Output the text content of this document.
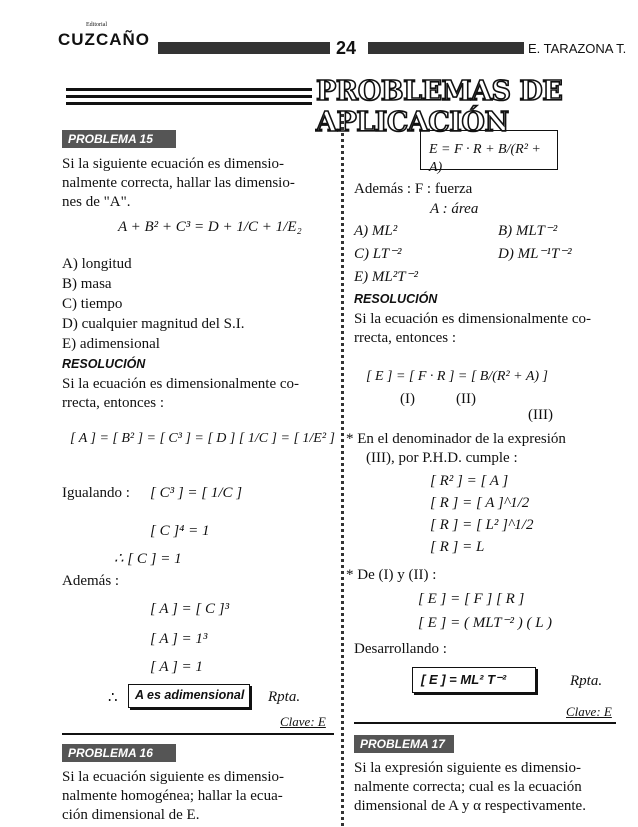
Editorial
CUZCAÑO	24	E. TARAZONA T.
PROBLEMAS DE APLICACIÓN
PROBLEMA 15
Si la siguiente ecuación es dimensio-
nalmente correcta, hallar las dimensio-
nes de "A".
A + B² + C³ = D + 1/C + 1/E₂
A) longitud
B) masa
C) tiempo
D) cualquier magnitud del S.I.
E) adimensional
RESOLUCIÓN
Si la ecuación es dimensionalmente co-
rrecta, entonces :
[ A ] = [ B² ] = [ C³ ] = [ D ] [ 1/C ] = [ 1/E² ]
Igualando : [ C³ ] = [ 1/C ]
[ C ]⁴ = 1
∴ [ C ] = 1
Además :
[ A ] = [ C ]³
[ A ] = 1³
[ A ] = 1
∴ A es adimensional Rpta.
Clave: E
PROBLEMA 16
Si la ecuación siguiente es dimensio-
nalmente homogénea; hallar la ecua-
ción dimensional de E.
E = F · R + B/(R² + A)
Además : F : fuerza
A : área
A) ML²	B) MLT⁻²
C) LT⁻²	D) ML⁻¹T⁻²
E) ML²T⁻²
RESOLUCIÓN
Si la ecuación es dimensionalmente co-
rrecta, entonces :
[ E ] = [ F · R ] = [ B/(R² + A) ]
(I)	(II)
(III)
* En el denominador de la expresión
(III), por P.H.D. cumple :
[ R² ] = [ A ]
[ R ] = [ A ]^1/2
[ R ] = [ L² ]^1/2
[ R ] = L
* De (I) y (II) :
[ E ] = [ F ] [ R ]
[ E ] = ( MLT⁻² ) ( L )
Desarrollando :
[ E ] = ML² T⁻²	Rpta.
Clave: E
PROBLEMA 17
Si la expresión siguiente es dimensio-
nalmente correcta; cual es la ecuación
dimensional de A y α respectivamente.
